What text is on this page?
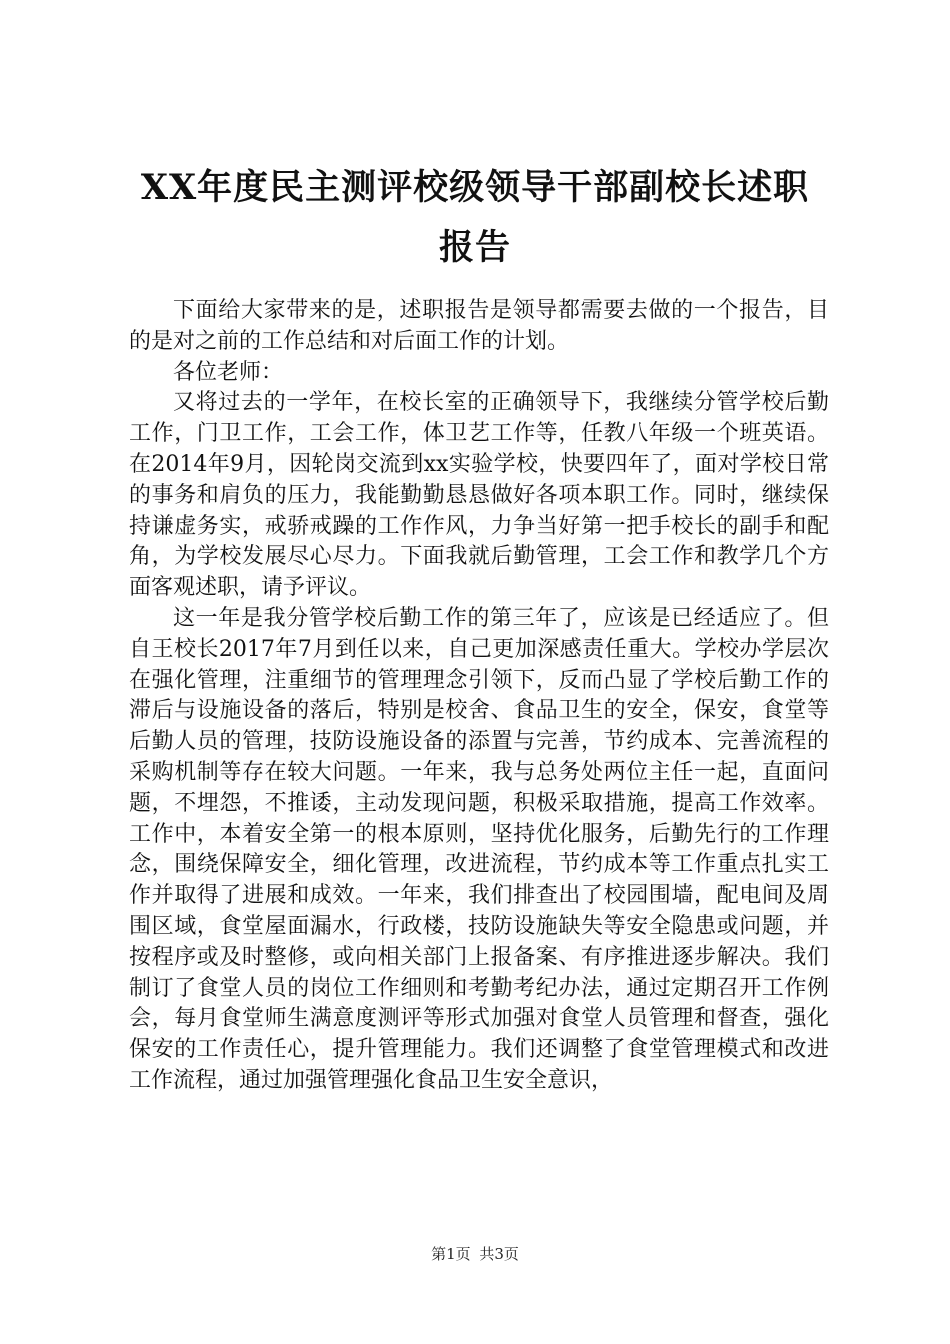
XX年度民主测评校级领导干部副校长述职报告

下面给大家带来的是，述职报告是领导都需要去做的一个报告，目的是对之前的工作总结和对后面工作的计划。

各位老师：

又将过去的一学年，在校长室的正确领导下，我继续分管学校后勤工作，门卫工作，工会工作，体卫艺工作等，任教八年级一个班英语。在2014年9月，因轮岗交流到xx实验学校，快要四年了，面对学校日常的事务和肩负的压力，我能勤勤恳恳做好各项本职工作。同时，继续保持谦虚务实，戒骄戒躁的工作作风，力争当好第一把手校长的副手和配角，为学校发展尽心尽力。下面我就后勤管理，工会工作和教学几个方面客观述职，请予评议。

这一年是我分管学校后勤工作的第三年了，应该是已经适应了。但自王校长2017年7月到任以来，自己更加深感责任重大。学校办学层次在强化管理，注重细节的管理理念引领下，反而凸显了学校后勤工作的滞后与设施设备的落后，特别是校舍、食品卫生的安全，保安，食堂等后勤人员的管理，技防设施设备的添置与完善，节约成本、完善流程的采购机制等存在较大问题。一年来，我与总务处两位主任一起，直面问题，不埋怨，不推诿，主动发现问题，积极采取措施，提高工作效率。工作中，本着安全第一的根本原则，坚持优化服务，后勤先行的工作理念，围绕保障安全，细化管理，改进流程，节约成本等工作重点扎实工作并取得了进展和成效。一年来，我们排查出了校园围墙，配电间及周围区域，食堂屋面漏水，行政楼，技防设施缺失等安全隐患或问题，并按程序或及时整修，或向相关部门上报备案、有序推进逐步解决。我们制订了食堂人员的岗位工作细则和考勤考纪办法，通过定期召开工作例会，每月食堂师生满意度测评等形式加强对食堂人员管理和督查，强化保安的工作责任心，提升管理能力。我们还调整了食堂管理模式和改进工作流程，通过加强管理强化食品卫生安全意识，

第1页 共3页
